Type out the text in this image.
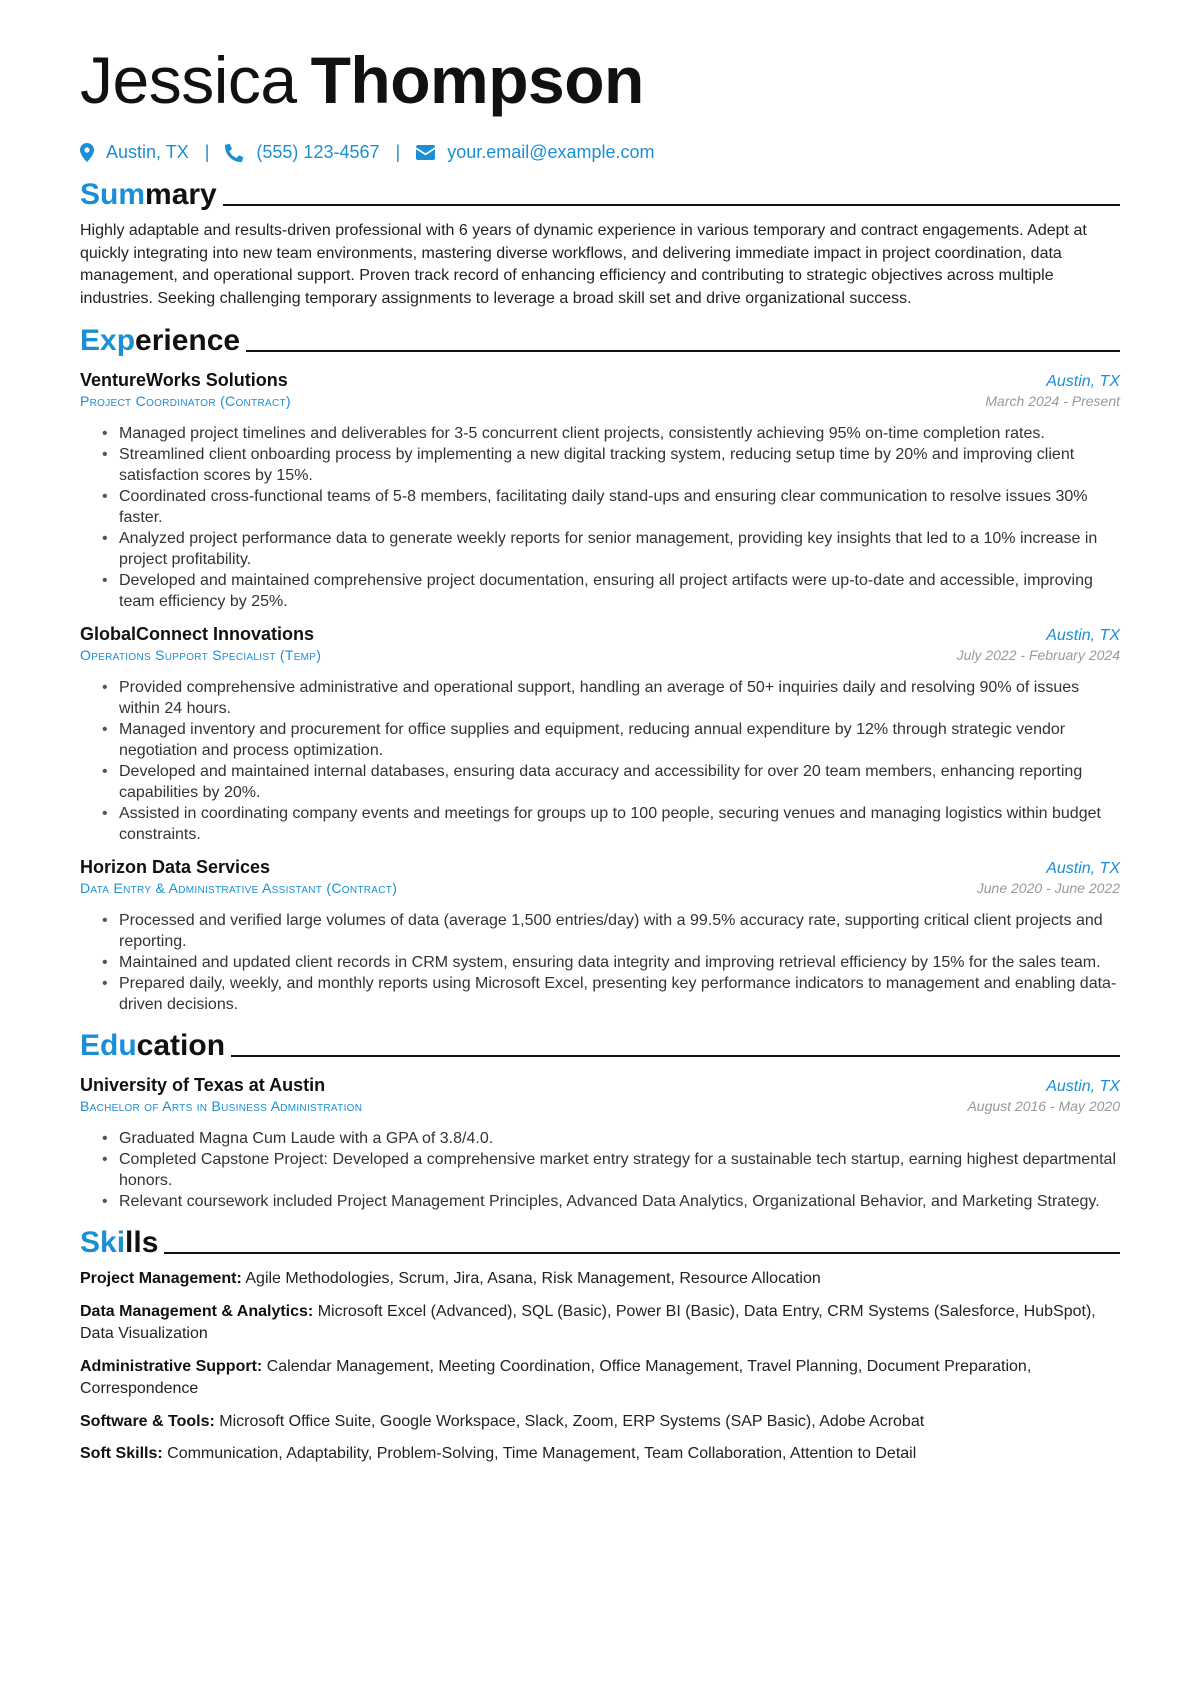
Jessica Thompson
Austin, TX |	(555) 123-4567 |	your.email@example.com
Summary
Highly adaptable and results-driven professional with 6 years of dynamic experience in various temporary and contract engagements. Adept at quickly integrating into new team environments, mastering diverse workflows, and delivering immediate impact in project coordination, data management, and operational support. Proven track record of enhancing efficiency and contributing to strategic objectives across multiple industries. Seeking challenging temporary assignments to leverage a broad skill set and drive organizational success.
Experience
VentureWorks Solutions	Austin, TX
Project Coordinator (Contract)	March 2024 - Present
• Managed project timelines and deliverables for 3-5 concurrent client projects, consistently achieving 95% on-time completion rates.
• Streamlined client onboarding process by implementing a new digital tracking system, reducing setup time by 20% and improving client satisfaction scores by 15%.
• Coordinated cross-functional teams of 5-8 members, facilitating daily stand-ups and ensuring clear communication to resolve issues 30% faster.
• Analyzed project performance data to generate weekly reports for senior management, providing key insights that led to a 10% increase in project profitability.
• Developed and maintained comprehensive project documentation, ensuring all project artifacts were up-to-date and accessible, improving team efficiency by 25%.
GlobalConnect Innovations	Austin, TX
Operations Support Specialist (Temp)	July 2022 - February 2024
• Provided comprehensive administrative and operational support, handling an average of 50+ inquiries daily and resolving 90% of issues within 24 hours.
• Managed inventory and procurement for office supplies and equipment, reducing annual expenditure by 12% through strategic vendor negotiation and process optimization.
• Developed and maintained internal databases, ensuring data accuracy and accessibility for over 20 team members, enhancing reporting capabilities by 20%.
• Assisted in coordinating company events and meetings for groups up to 100 people, securing venues and managing logistics within budget constraints.
Horizon Data Services	Austin, TX
Data Entry & Administrative Assistant (Contract)	June 2020 - June 2022
• Processed and verified large volumes of data (average 1,500 entries/day) with a 99.5% accuracy rate, supporting critical client projects and reporting.
• Maintained and updated client records in CRM system, ensuring data integrity and improving retrieval efficiency by 15% for the sales team.
• Prepared daily, weekly, and monthly reports using Microsoft Excel, presenting key performance indicators to management and enabling data-driven decisions.
Education
University of Texas at Austin	Austin, TX
Bachelor of Arts in Business Administration	August 2016 - May 2020
• Graduated Magna Cum Laude with a GPA of 3.8/4.0.
• Completed Capstone Project: Developed a comprehensive market entry strategy for a sustainable tech startup, earning highest departmental honors.
• Relevant coursework included Project Management Principles, Advanced Data Analytics, Organizational Behavior, and Marketing Strategy.
Skills
Project Management: Agile Methodologies, Scrum, Jira, Asana, Risk Management, Resource Allocation
Data Management & Analytics: Microsoft Excel (Advanced), SQL (Basic), Power BI (Basic), Data Entry, CRM Systems (Salesforce, HubSpot), Data Visualization
Administrative Support: Calendar Management, Meeting Coordination, Office Management, Travel Planning, Document Preparation, Correspondence
Software & Tools: Microsoft Office Suite, Google Workspace, Slack, Zoom, ERP Systems (SAP Basic), Adobe Acrobat
Soft Skills: Communication, Adaptability, Problem-Solving, Time Management, Team Collaboration, Attention to Detail
